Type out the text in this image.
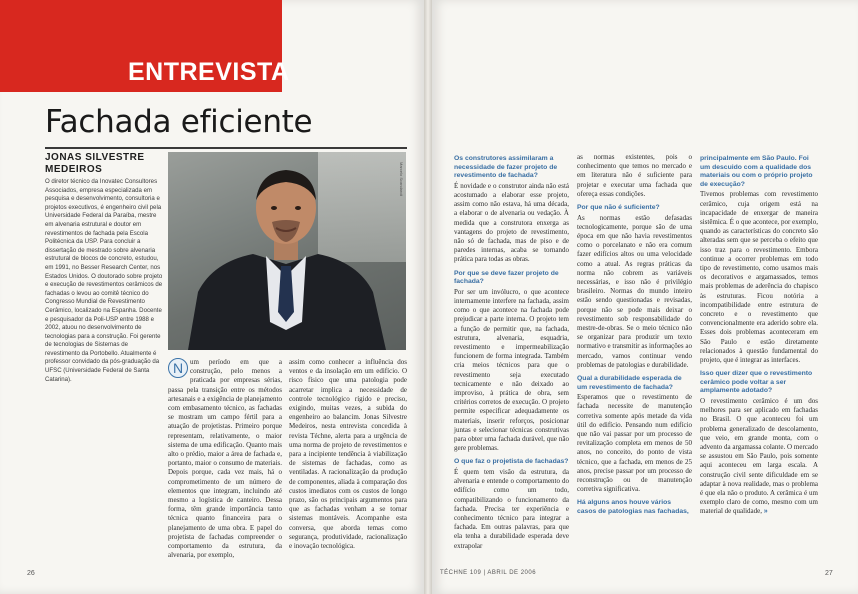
ENTREVISTA
Fachada eficiente
JONAS SILVESTRE MEDEIROS
O diretor técnico da Inovatec Consultores Associados, empresa especializada em pesquisa e desenvolvimento, consultoria e projetos executivos, é engenheiro civil pela Universidade Federal da Paraíba, mestre em alvenaria estrutural e doutor em revestimentos de fachada pela Escola Politécnica da USP. Para concluir a dissertação de mestrado sobre alvenaria estrutural de blocos de concreto, estudou, em 1991, no Besser Research Center, nos Estados Unidos. O doutorado sobre projeto e execução de revestimentos cerâmicos de fachadas o levou ao comitê técnico do Congresso Mundial de Revestimento Cerâmico, localizado na Espanha. Docente e pesquisador da Poli-USP entre 1988 e 2002, atuou no desenvolvimento de tecnologias para a construção. Foi gerente de tecnologias de Sistemas de revestimento da Portobello. Atualmente é professor convidado da pós-graduação da UFSC (Universidade Federal de Santa Catarina).
Marcelo Scandaroli
N um período em que a construção, pelo menos a praticada por empresas sérias, passa pela transição entre os métodos artesanais e a exigência de planejamento com embasamento técnico, as fachadas se mostram um campo fértil para a atuação de projetistas. Primeiro porque representam, relativamente, o maior sistema de uma edificação. Quanto mais alto o prédio, maior a área de fachada e, portanto, maior o consumo de materiais. Depois porque, cada vez mais, há o comprometimento de um número de elementos que integram, incluindo até mesmo a logística de canteiro. Dessa forma, têm grande importância tanto técnica quanto financeira para o planejamento de uma obra. E papel do projetista de fachadas compreender o comportamento da estrutura, da alvenaria, por exemplo,
assim como conhecer a influência dos ventos e da insolação em um edifício. O risco físico que uma patologia pode acarretar implica a necessidade de controle tecnológico rígido e preciso, exigindo, muitas vezes, a subida do engenheiro ao balancim. Jonas Silvestre Medeiros, nesta entrevista concedida à revista Téchne, alerta para a urgência de uma norma de projeto de revestimentos e para a incipiente tendência à viabilização de sistemas de fachadas, como as ventiladas. A racionalização da produção de componentes, aliada à comparação dos custos imediatos com os custos de longo prazo, são os principais argumentos para que as fachadas venham a se tornar sistemas montáveis. Acompanhe esta conversa, que aborda temas como segurança, produtividade, racionalização e inovação tecnológica.
26
Os construtores assimilaram a necessidade de fazer projeto de revestimento de fachada?
É novidade e o construtor ainda não está acostumado a elaborar esse projeto, assim como não estava, há uma década, a elaborar o de alvenaria ou vedação. À medida que a construtora enxerga as vantagens do projeto de revestimento, não só de fachada, mas de piso e de paredes internas, acaba se tornando prática para todas as obras.
Por que se deve fazer projeto de fachada?
Por ser um invólucro, o que acontece internamente interfere na fachada, assim como o que acontece na fachada pode prejudicar a parte interna. O projeto tem a função de permitir que, na fachada, estrutura, alvenaria, esquadria, revestimento e impermeabilização funcionem de forma integrada. Também cria meios técnicos para que o revestimento seja executado tecnicamente e não deixado ao improviso, à prática de obra, sem critérios corretos de execução. O projeto permite especificar adequadamente os materiais, inserir reforços, posicionar juntas e selecionar técnicas construtivas para obter uma fachada durável, que não gere problemas.
O que faz o projetista de fachadas?
É quem tem visão da estrutura, da alvenaria e entende o comportamento do edifício como um todo, compatibilizando o funcionamento da fachada. Precisa ter experiência e conhecimento técnico para integrar a fachada. Em outras palavras, para que ela tenha a durabilidade esperada deve extrapolar
as normas existentes, pois o conhecimento que temos no mercado e em literatura não é suficiente para projetar e executar uma fachada que ofereça essas condições.
Por que não é suficiente?
As normas estão defasadas tecnologicamente, porque são de uma época em que não havia revestimentos como o porcelanato e não era comum fazer edifícios altos ou uma velocidade como a atual. As regras práticas da norma não cobrem as variáveis necessárias, e isso não é privilégio brasileiro. Normas do mundo inteiro estão sendo questionadas e revisadas, porque não se pode mais deixar o revestimento sob responsabilidade do mestre-de-obras. Se o meio técnico não se organizar para produzir um texto normativo e transmitir as informações ao mercado, vamos continuar vendo problemas de patologias e durabilidade.
Qual a durabilidade esperada de um revestimento de fachada?
Esperamos que o revestimento de fachada necessite de manutenção corretiva somente após metade da vida útil do edifício. Pensando num edifício que não vai passar por um processo de revitalização completa em menos de 50 anos, no conceito, do ponto de vista técnico, que a fachada, em menos de 25 anos, precise passar por um processo de reconstrução ou de manutenção corretiva significativa.
Há alguns anos houve vários casos de patologias nas fachadas,
principalmente em São Paulo. Foi um descuido com a qualidade dos materiais ou com o próprio projeto de execução?
Tivemos problemas com revestimento cerâmico, cuja origem está na incapacidade de enxergar de maneira sistêmica. É o que acontece, por exemplo, quando as características do concreto são alteradas sem que se perceba o efeito que isso traz para o revestimento. Embora continue a ocorrer problemas em todo tipo de revestimento, como usamos mais os decorativos e argamassados, temos mais problemas de aderência do chapisco às estruturas. Ficou notória a incompatibilidade entre estrutura de concreto e o revestimento que convencionalmente era aderido sobre ela. Esses dois problemas aconteceram em São Paulo e estão diretamente relacionados à questão fundamental do projeto, que é integrar as interfaces.
Isso quer dizer que o revestimento cerâmico pode voltar a ser amplamente adotado?
O revestimento cerâmico é um dos melhores para ser aplicado em fachadas no Brasil. O que aconteceu foi um problema generalizado de descolamento, que veio, em grande monta, com o advento da argamassa colante. O mercado se assustou em São Paulo, pois somente aqui aconteceu em larga escala. A construção civil sente dificuldade em se adaptar à nova realidade, mas o problema é que ela não o produto. A cerâmica é um exemplo claro de como, mesmo com um material de qualidade, »
TÉCHNE 109 | ABRIL DE 2006	27
